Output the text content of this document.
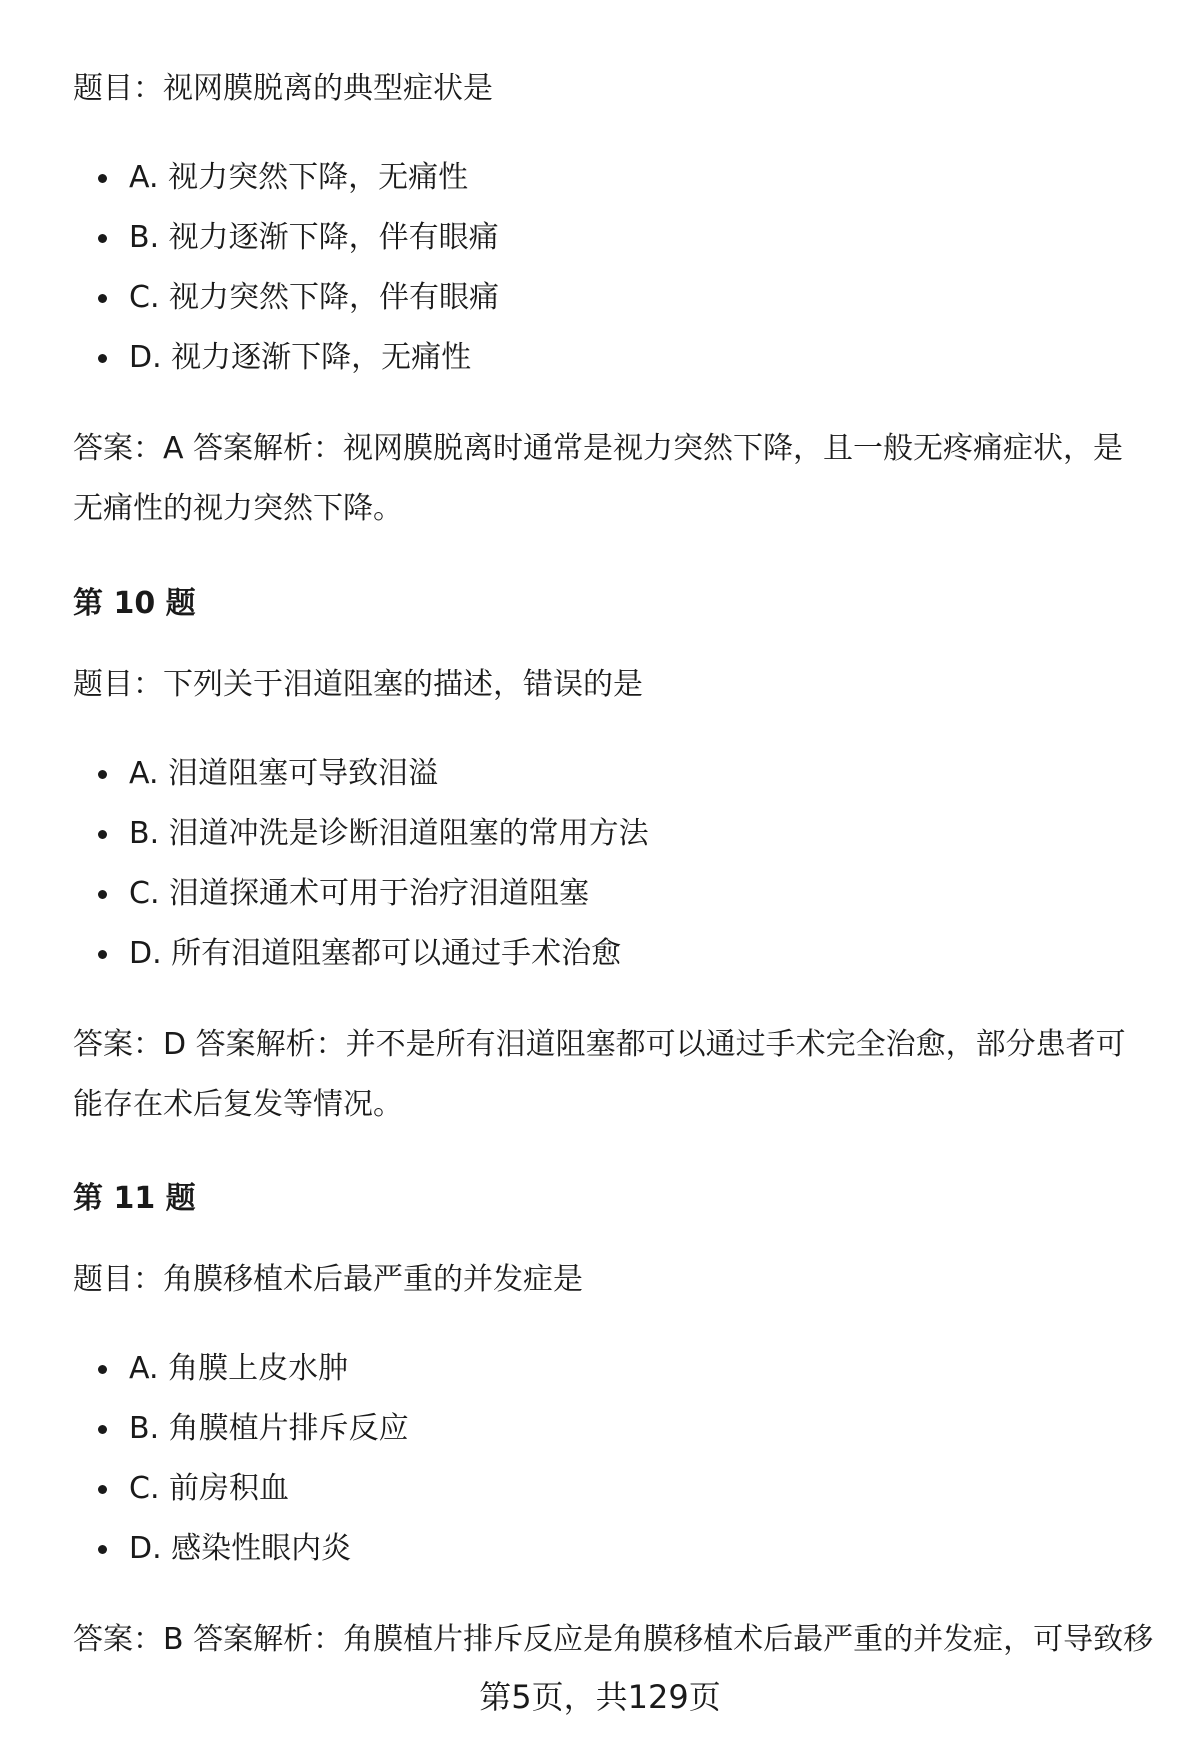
题目：视网膜脱离的典型症状是

A. 视力突然下降，无痛性
B. 视力逐渐下降，伴有眼痛
C. 视力突然下降，伴有眼痛
D. 视力逐渐下降，无痛性

答案：A 答案解析：视网膜脱离时通常是视力突然下降，且一般无疼痛症状，是无痛性的视力突然下降。

第 10 题

题目：下列关于泪道阻塞的描述，错误的是

A. 泪道阻塞可导致泪溢
B. 泪道冲洗是诊断泪道阻塞的常用方法
C. 泪道探通术可用于治疗泪道阻塞
D. 所有泪道阻塞都可以通过手术治愈

答案：D 答案解析：并不是所有泪道阻塞都可以通过手术完全治愈，部分患者可能存在术后复发等情况。

第 11 题

题目：角膜移植术后最严重的并发症是

A. 角膜上皮水肿
B. 角膜植片排斥反应
C. 前房积血
D. 感染性眼内炎

答案：B 答案解析：角膜植片排斥反应是角膜移植术后最严重的并发症，可导致移

第5页，共129页
